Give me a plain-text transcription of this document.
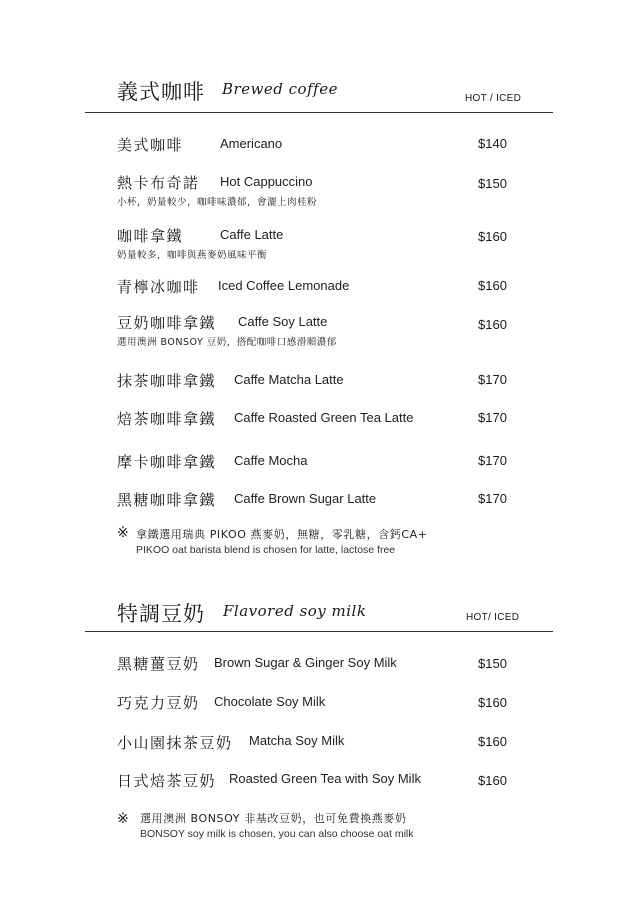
義式咖啡 Brewed coffee
HOT / ICED
美式咖啡	Americano	$140
熱卡布奇諾 Hot Cappuccino	$150
小杯，奶量較少，咖啡味濃郁，會灑上肉桂粉
咖啡拿鐵	Caffe Latte	$160
奶量較多，咖啡與燕麥奶風味平衡
青檸冰咖啡 Iced Coffee Lemonade	$160
豆奶咖啡拿鐵 Caffe Soy Latte	$160
選用澳洲 BONSOY 豆奶，搭配咖啡口感滑順濃郁
抹茶咖啡拿鐵 Caffe Matcha Latte	$170
焙茶咖啡拿鐵 Caffe Roasted Green Tea Latte	$170
摩卡咖啡拿鐵 Caffe Mocha	$170
黑糖咖啡拿鐵 Caffe Brown Sugar Latte	$170
※ 拿鐵選用瑞典 PIKOO 燕麥奶，無糖，零乳糖，含鈣CA+
PIKOO oat barista blend is chosen for latte, lactose free
特調豆奶 Flavored soy milk	HOT/ ICED
黑糖薑豆奶 Brown Sugar & Ginger Soy Milk	$150
巧克力豆奶 Chocolate Soy Milk	$160
小山園抹茶豆奶 Matcha Soy Milk	$160
日式焙茶豆奶 Roasted Green Tea with Soy Milk	$160
※ 選用澳洲 BONSOY 非基改豆奶，也可免費換燕麥奶
BONSOY soy milk is chosen, you can also choose oat milk
